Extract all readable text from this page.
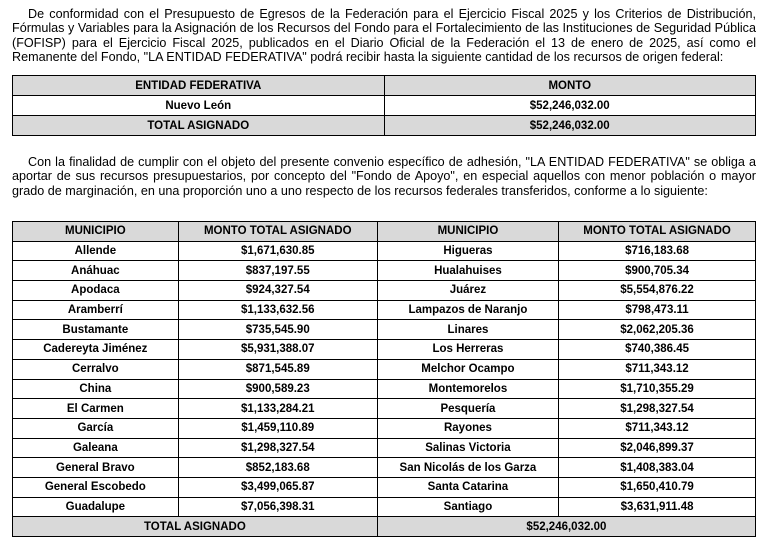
De conformidad con el Presupuesto de Egresos de la Federación para el Ejercicio Fiscal 2025 y los Criterios de Distribución, Fórmulas y Variables para la Asignación de los Recursos del Fondo para el Fortalecimiento de las Instituciones de Seguridad Pública (FOFISP) para el Ejercicio Fiscal 2025, publicados en el Diario Oficial de la Federación el 13 de enero de 2025, así como el Remanente del Fondo, "LA ENTIDAD FEDERATIVA" podrá recibir hasta la siguiente cantidad de los recursos de origen federal:
ENTIDAD FEDERATIVA	MONTO
Nuevo León	$52,246,032.00
TOTAL ASIGNADO	$52,246,032.00
Con la finalidad de cumplir con el objeto del presente convenio específico de adhesión, "LA ENTIDAD FEDERATIVA" se obliga a aportar de sus recursos presupuestarios, por concepto del "Fondo de Apoyo", en especial aquellos con menor población o mayor grado de marginación, en una proporción uno a uno respecto de los recursos federales transferidos, conforme a lo siguiente:
MUNICIPIO	MONTO TOTAL ASIGNADO	MUNICIPIO	MONTO TOTAL ASIGNADO
Allende	$1,671,630.85	Higueras	$716,183.68
Anáhuac	$837,197.55	Hualahuises	$900,705.34
Apodaca	$924,327.54	Juárez	$5,554,876.22
Aramberrí	$1,133,632.56	Lampazos de Naranjo	$798,473.11
Bustamante	$735,545.90	Linares	$2,062,205.36
Cadereyta Jiménez	$5,931,388.07	Los Herreras	$740,386.45
Cerralvo	$871,545.89	Melchor Ocampo	$711,343.12
China	$900,589.23	Montemorelos	$1,710,355.29
El Carmen	$1,133,284.21	Pesquería	$1,298,327.54
García	$1,459,110.89	Rayones	$711,343.12
Galeana	$1,298,327.54	Salinas Victoria	$2,046,899.37
General Bravo	$852,183.68	San Nicolás de los Garza	$1,408,383.04
General Escobedo	$3,499,065.87	Santa Catarina	$1,650,410.79
Guadalupe	$7,056,398.31	Santiago	$3,631,911.48
TOTAL ASIGNADO		$52,246,032.00	
